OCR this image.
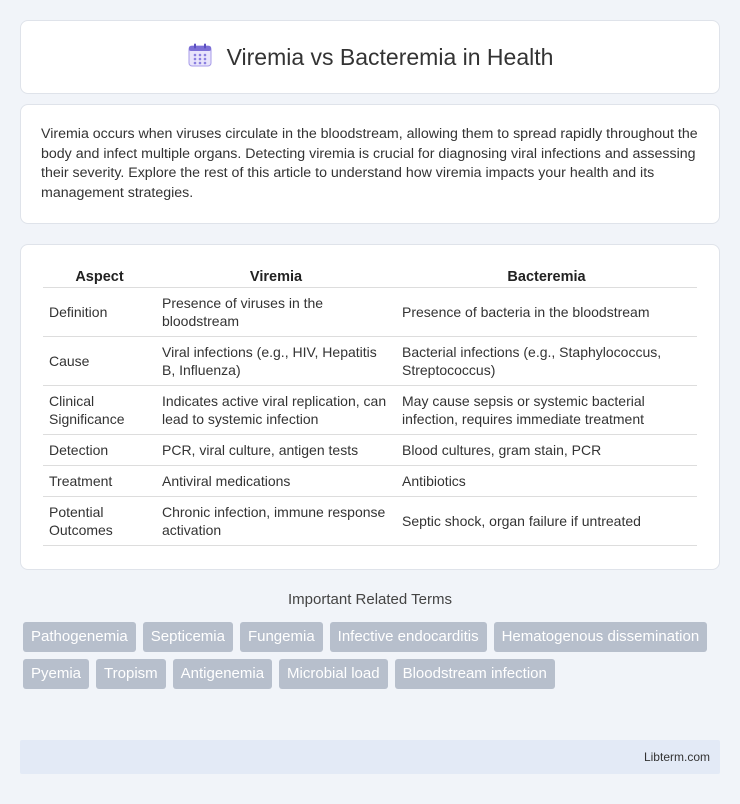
Viremia vs Bacteremia in Health

Viremia occurs when viruses circulate in the bloodstream, allowing them to spread rapidly throughout the body and infect multiple organs. Detecting viremia is crucial for diagnosing viral infections and assessing their severity. Explore the rest of this article to understand how viremia impacts your health and its management strategies.

Aspect	Viremia	Bacteremia
Definition	Presence of viruses in the bloodstream	Presence of bacteria in the bloodstream
Cause	Viral infections (e.g., HIV, Hepatitis B, Influenza)	Bacterial infections (e.g., Staphylococcus, Streptococcus)
Clinical Significance	Indicates active viral replication, can lead to systemic infection	May cause sepsis or systemic bacterial infection, requires immediate treatment
Detection	PCR, viral culture, antigen tests	Blood cultures, gram stain, PCR
Treatment	Antiviral medications	Antibiotics
Potential Outcomes	Chronic infection, immune response activation	Septic shock, organ failure if untreated
Important Related Terms
Pathogenemia	Septicemia	Fungemia	Infective endocarditis	Hematogenous dissemination
Pyemia	Tropism	Antigenemia	Microbial load	Bloodstream infection
Libterm.com
